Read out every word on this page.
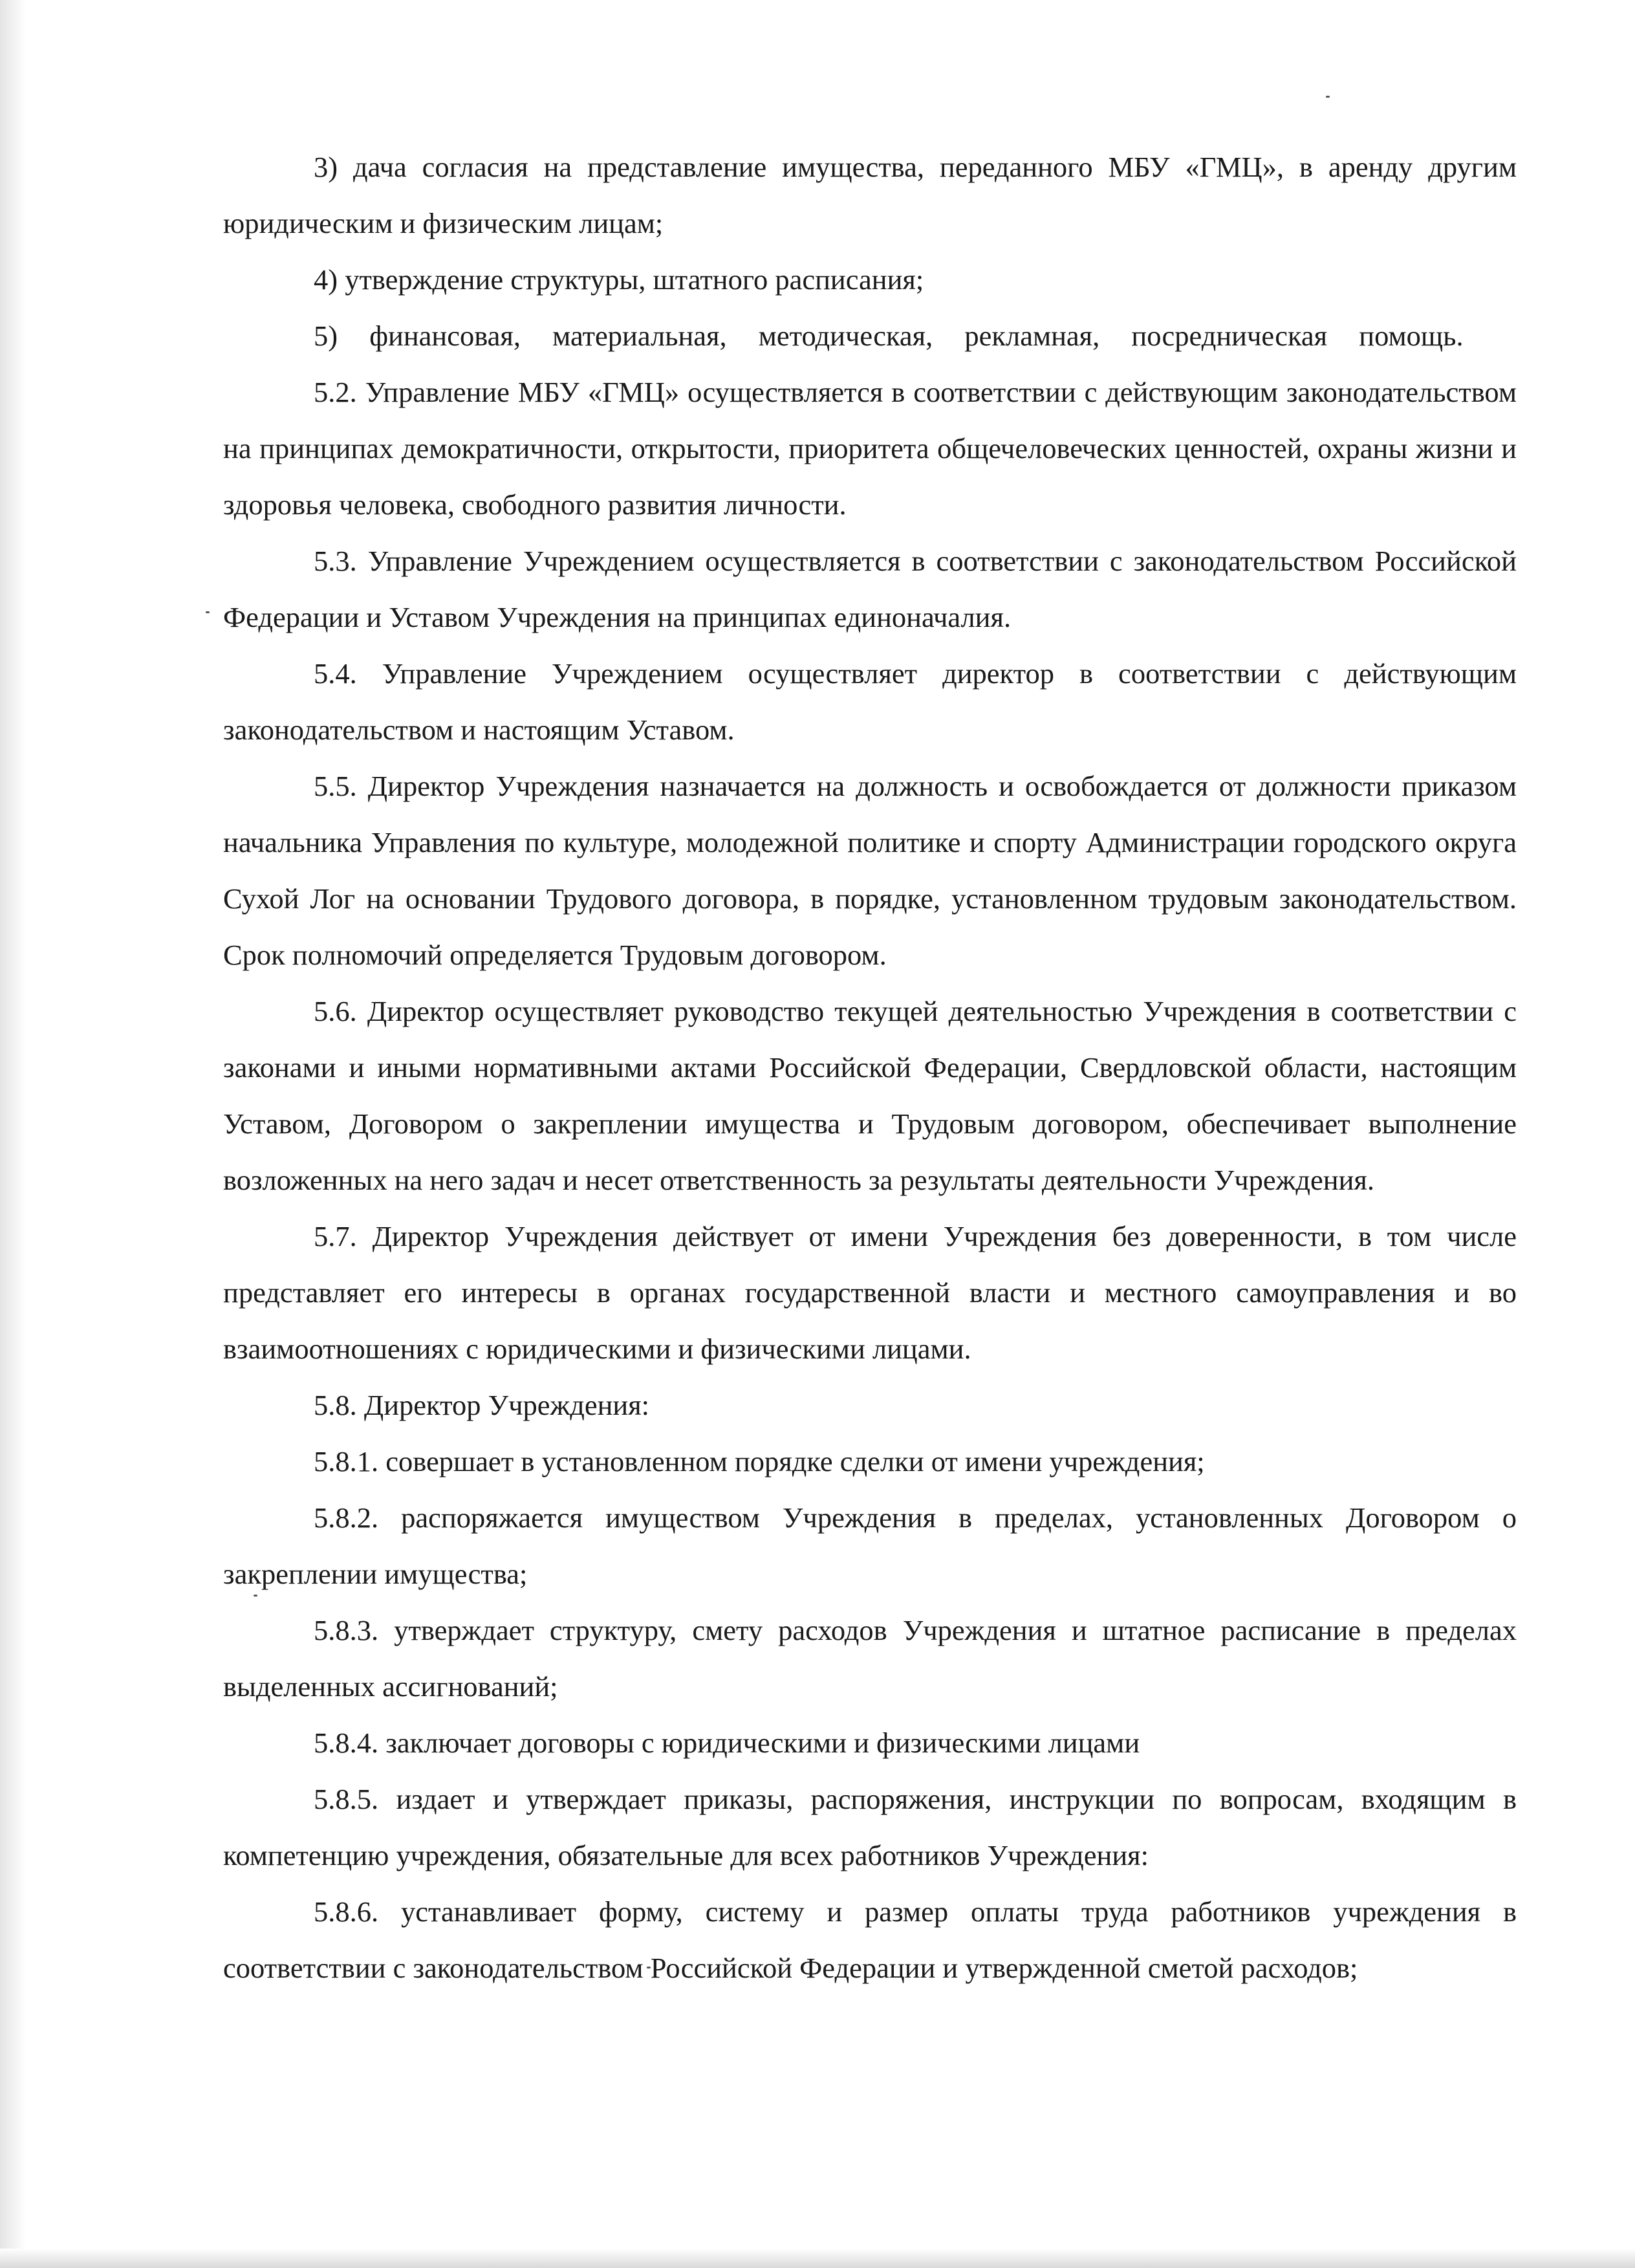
3) дача согласия на представление имущества, переданного МБУ «ГМЦ», в аренду другим юридическим и физическим лицам;

4) утверждение структуры, штатного расписания;

5) финансовая, материальная, методическая, рекламная, посредническая помощь.

5.2. Управление МБУ «ГМЦ» осуществляется в соответствии с действующим законодательством на принципах демократичности, открытости, приоритета общечеловеческих ценностей, охраны жизни и здоровья человека, свободного развития личности.

5.3. Управление Учреждением осуществляется в соответствии с законодательством Российской Федерации и Уставом Учреждения на принципах единоначалия.

5.4. Управление Учреждением осуществляет директор в соответствии с действующим законодательством и настоящим Уставом.

5.5. Директор Учреждения назначается на должность и освобождается от должности приказом начальника Управления по культуре, молодежной политике и спорту Администрации городского округа Сухой Лог на основании Трудового договора, в порядке, установленном трудовым законодательством. Срок полномочий определяется Трудовым договором.

5.6. Директор осуществляет руководство текущей деятельностью Учреждения в соответствии с законами и иными нормативными актами Российской Федерации, Свердловской области, настоящим Уставом, Договором о закреплении имущества и Трудовым договором, обеспечивает выполнение возложенных на него задач и несет ответственность за результаты деятельности Учреждения.

5.7. Директор Учреждения действует от имени Учреждения без доверенности, в том числе представляет его интересы в органах государственной власти и местного самоуправления и во взаимоотношениях с юридическими и физическими лицами.

5.8. Директор Учреждения:

5.8.1. совершает в установленном порядке сделки от имени учреждения;

5.8.2. распоряжается имуществом Учреждения в пределах, установленных Договором о закреплении имущества;

5.8.3. утверждает структуру, смету расходов Учреждения и штатное расписание в пределах выделенных ассигнований;

5.8.4. заключает договоры с юридическими и физическими лицами

5.8.5. издает и утверждает приказы, распоряжения, инструкции по вопросам, входящим в компетенцию учреждения, обязательные для всех работников Учреждения:

5.8.6. устанавливает форму, систему и размер оплаты труда работников учреждения в соответствии с законодательством Российской Федерации и утвержденной сметой расходов;
